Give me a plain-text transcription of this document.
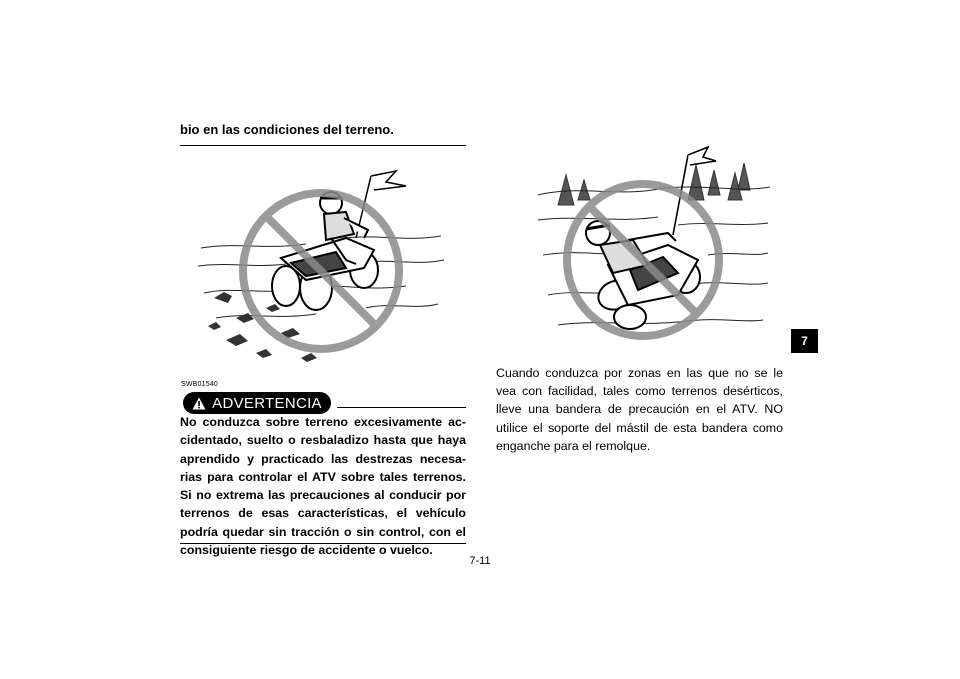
bio en las condiciones del terreno.
SWB01540
ADVERTENCIA
No conduzca sobre terreno excesivamente ac- cidentado, suelto o resbaladizo hasta que haya aprendido y practicado las destrezas necesa- rias para controlar el ATV sobre tales terrenos. Si no extrema las precauciones al conducir por terrenos de esas características, el vehículo podría quedar sin tracción o sin control, con el consiguiente riesgo de accidente o vuelco.
Cuando conduzca por zonas en las que no se le vea con facilidad, tales como terrenos desérticos, lleve una bandera de precaución en el ATV. NO utilice el soporte del mástil de esta bandera como enganche para el remolque.
7
7-11
